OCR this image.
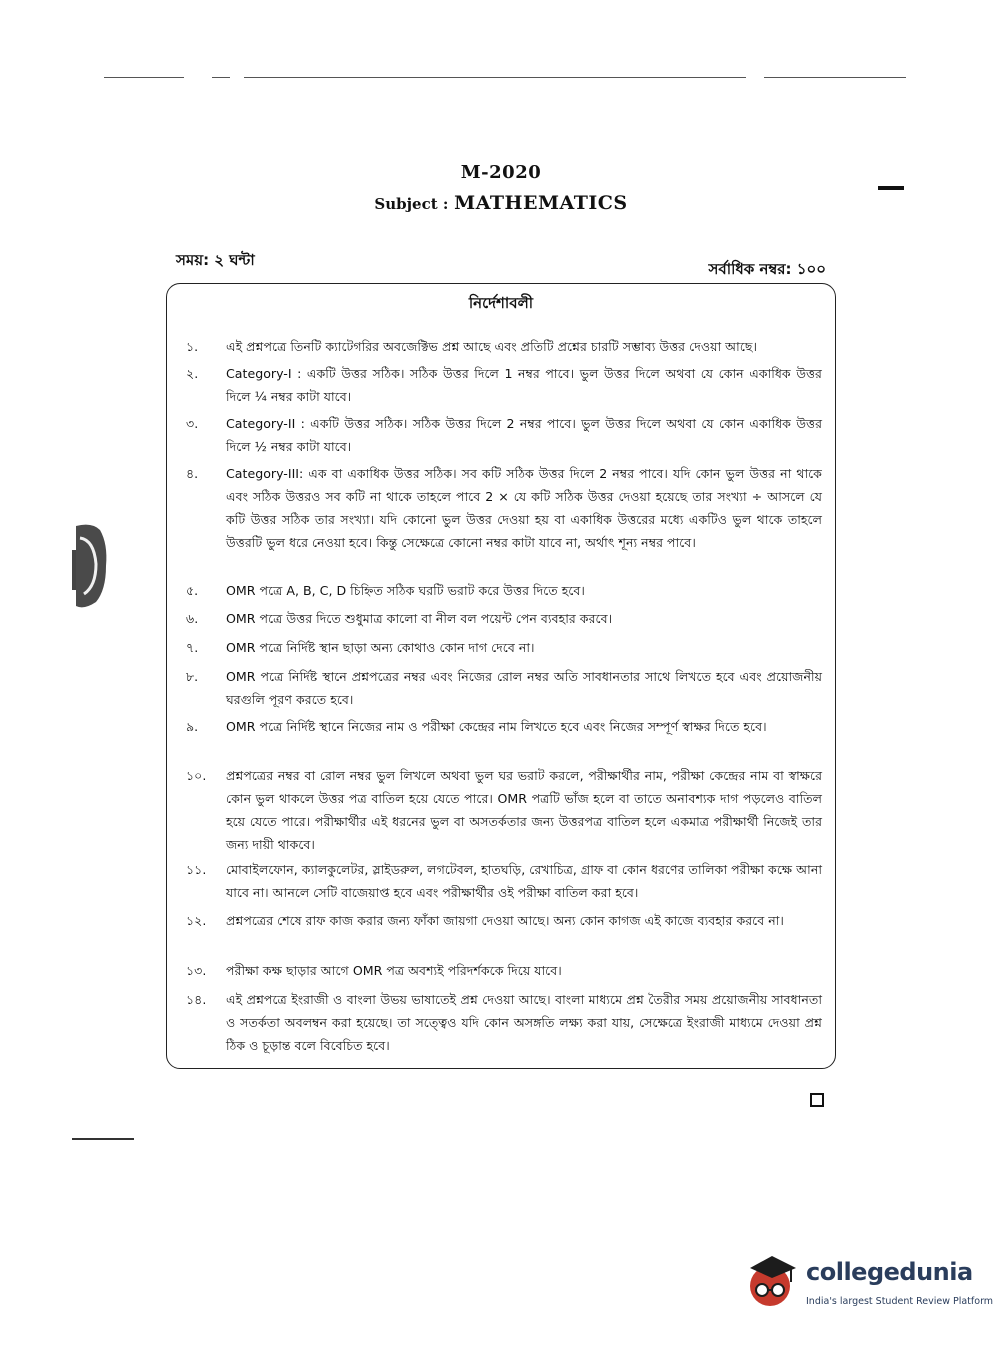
M-2020
Subject : MATHEMATICS
সময়: ২ ঘন্টা	সর্বাধিক নম্বর: ১০০
নির্দেশাবলী
১.	এই প্রশ্নপত্রে তিনটি ক্যাটেগরির অবজেক্টিভ প্রশ্ন আছে এবং প্রতিটি প্রশ্নের চারটি সম্ভাব্য উত্তর দেওয়া আছে।
২.	Category-I : একটি উত্তর সঠিক। সঠিক উত্তর দিলে 1 নম্বর পাবে। ভুল উত্তর দিলে অথবা যে কোন একাধিক উত্তর দিলে ¼ নম্বর কাটা যাবে।
৩.	Category-II : একটি উত্তর সঠিক। সঠিক উত্তর দিলে 2 নম্বর পাবে। ভুল উত্তর দিলে অথবা যে কোন একাধিক উত্তর দিলে ½ নম্বর কাটা যাবে।
৪.	Category-III: এক বা একাধিক উত্তর সঠিক। সব কটি সঠিক উত্তর দিলে 2 নম্বর পাবে। যদি কোন ভুল উত্তর না থাকে এবং সঠিক উত্তরও সব কটি না থাকে তাহলে পাবে 2 × যে কটি সঠিক উত্তর দেওয়া হয়েছে তার সংখ্যা ÷ আসলে যে কটি উত্তর সঠিক তার সংখ্যা। যদি কোনো ভুল উত্তর দেওয়া হয় বা একাধিক উত্তরের মধ্যে একটিও ভুল থাকে তাহলে উত্তরটি ভুল ধরে নেওয়া হবে। কিন্তু সেক্ষেত্রে কোনো নম্বর কাটা যাবে না, অর্থাৎ শূন্য নম্বর পাবে।
৫.	OMR পত্রে A, B, C, D চিহ্নিত সঠিক ঘরটি ভরাট করে উত্তর দিতে হবে।
৬.	OMR পত্রে উত্তর দিতে শুধুমাত্র কালো বা নীল বল পয়েন্ট পেন ব্যবহার করবে।
৭.	OMR পত্রে নির্দিষ্ট স্থান ছাড়া অন্য কোথাও কোন দাগ দেবে না।
৮.	OMR পত্রে নির্দিষ্ট স্থানে প্রশ্নপত্রের নম্বর এবং নিজের রোল নম্বর অতি সাবধানতার সাথে লিখতে হবে এবং প্রয়োজনীয় ঘরগুলি পূরণ করতে হবে।
৯.	OMR পত্রে নির্দিষ্ট স্থানে নিজের নাম ও পরীক্ষা কেন্দ্রের নাম লিখতে হবে এবং নিজের সম্পূর্ণ স্বাক্ষর দিতে হবে।
১০.	প্রশ্নপত্রের নম্বর বা রোল নম্বর ভুল লিখলে অথবা ভুল ঘর ভরাট করলে, পরীক্ষার্থীর নাম, পরীক্ষা কেন্দ্রের নাম বা স্বাক্ষরে কোন ভুল থাকলে উত্তর পত্র বাতিল হয়ে যেতে পারে। OMR পত্রটি ভাঁজ হলে বা তাতে অনাবশ্যক দাগ পড়লেও বাতিল হয়ে যেতে পারে। পরীক্ষার্থীর এই ধরনের ভুল বা অসতর্কতার জন্য উত্তরপত্র বাতিল হলে একমাত্র পরীক্ষার্থী নিজেই তার জন্য দায়ী থাকবে।
১১.	মোবাইলফোন, ক্যালকুলেটর, স্লাইডরুল, লগটেবল, হাতঘড়ি, রেখাচিত্র, গ্রাফ বা কোন ধরণের তালিকা পরীক্ষা কক্ষে আনা যাবে না। আনলে সেটি বাজেয়াপ্ত হবে এবং পরীক্ষার্থীর ওই পরীক্ষা বাতিল করা হবে।
১২.	প্রশ্নপত্রের শেষে রাফ কাজ করার জন্য ফাঁকা জায়গা দেওয়া আছে। অন্য কোন কাগজ এই কাজে ব্যবহার করবে না।
১৩.	পরীক্ষা কক্ষ ছাড়ার আগে OMR পত্র অবশ্যই পরিদর্শককে দিয়ে যাবে।
১৪.	এই প্রশ্নপত্রে ইংরাজী ও বাংলা উভয় ভাষাতেই প্রশ্ন দেওয়া আছে। বাংলা মাধ্যমে প্রশ্ন তৈরীর সময় প্রয়োজনীয় সাবধানতা ও সতর্কতা অবলম্বন করা হয়েছে। তা সত্ত্বেও যদি কোন অসঙ্গতি লক্ষ্য করা যায়, সেক্ষেত্রে ইংরাজী মাধ্যমে দেওয়া প্রশ্ন ঠিক ও চূড়ান্ত বলে বিবেচিত হবে।
collegedunia
India's largest Student Review Platform
